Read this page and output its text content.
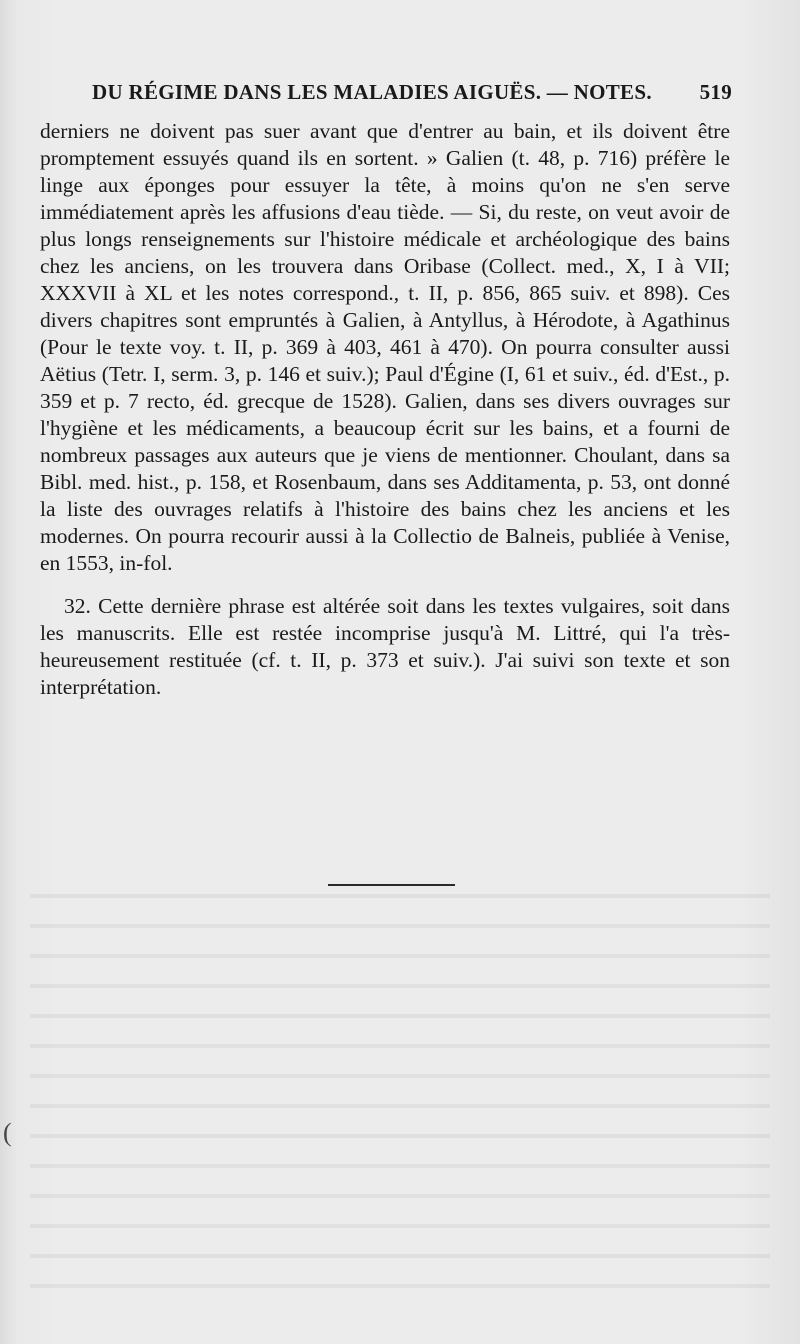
DU RÉGIME DANS LES MALADIES AIGUËS. — NOTES. 519

derniers ne doivent pas suer avant que d'entrer au bain, et ils doivent être promptement essuyés quand ils en sortent. » Galien (t. 48, p. 716) préfère le linge aux éponges pour essuyer la tête, à moins qu'on ne s'en serve immédiatement après les affusions d'eau tiède. — Si, du reste, on veut avoir de plus longs renseignements sur l'histoire médicale et archéologique des bains chez les anciens, on les trouvera dans Oribase (Collect. med., X, I à VII; XXXVII à XL et les notes correspond., t. II, p. 856, 865 suiv. et 898). Ces divers chapitres sont empruntés à Galien, à Antyllus, à Hérodote, à Agathinus (Pour le texte voy. t. II, p. 369 à 403, 461 à 470). On pourra consulter aussi Aëtius (Tetr. I, serm. 3, p. 146 et suiv.); Paul d'Égine (I, 61 et suiv., éd. d'Est., p. 359 et p. 7 recto, éd. grecque de 1528). Galien, dans ses divers ouvrages sur l'hygiène et les médicaments, a beaucoup écrit sur les bains, et a fourni de nombreux passages aux auteurs que je viens de mentionner. Choulant, dans sa Bibl. med. hist., p. 158, et Rosenbaum, dans ses Additamenta, p. 53, ont donné la liste des ouvrages relatifs à l'histoire des bains chez les anciens et les modernes. On pourra recourir aussi à la Collectio de Balneis, publiée à Venise, en 1553, in-fol.

32. Cette dernière phrase est altérée soit dans les textes vulgaires, soit dans les manuscrits. Elle est restée incomprise jusqu'à M. Littré, qui l'a très-heureusement restituée (cf. t. II, p. 373 et suiv.). J'ai suivi son texte et son interprétation.

(
